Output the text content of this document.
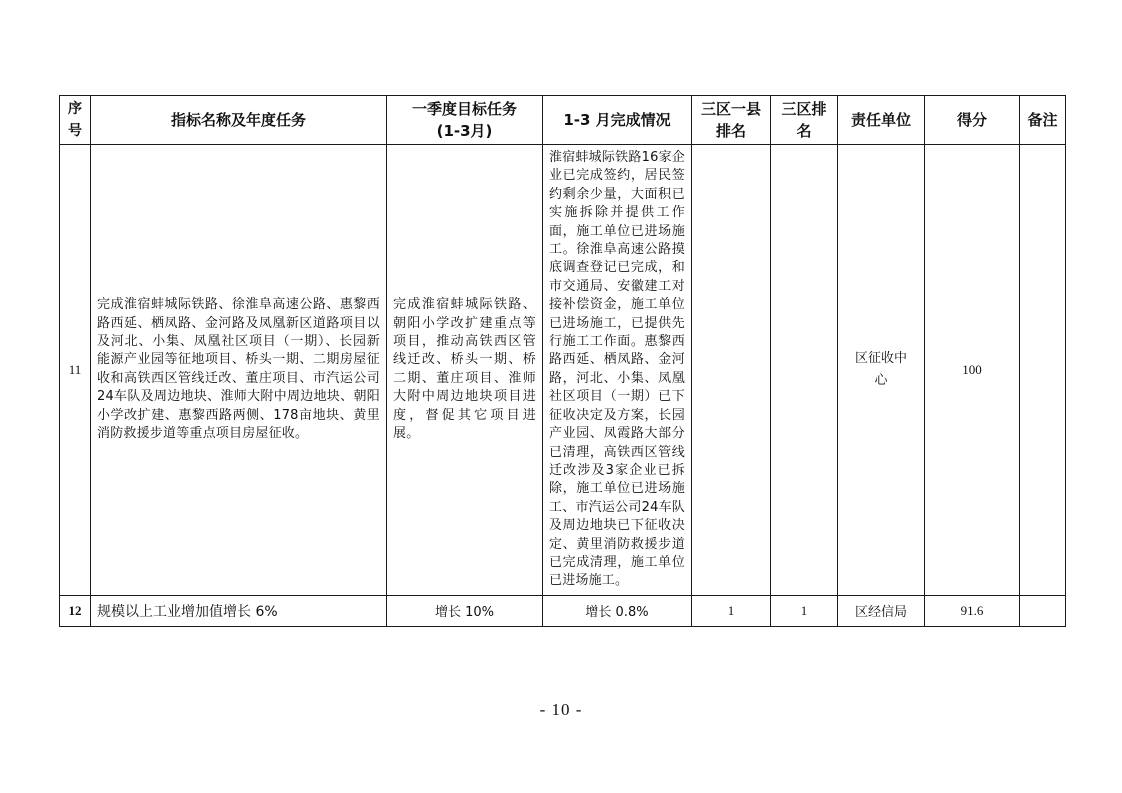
序号	指标名称及年度任务	一季度目标任务(1-3月)	1-3 月完成情况	三区一县排名	三区排名	责任单位	得分	备注
11	完成淮宿蚌城际铁路、徐淮阜高速公路、惠黎西路西延、栖凤路、金河路及凤凰新区道路项目以及河北、小集、凤凰社区项目（一期）、长园新能源产业园等征地项目、桥头一期、二期房屋征收和高铁西区管线迁改、董庄项目、市汽运公司24车队及周边地块、淮师大附中周边地块、朝阳小学改扩建、惠黎西路两侧、178亩地块、黄里消防救援步道等重点项目房屋征收。	完成淮宿蚌城际铁路、朝阳小学改扩建重点等项目，推动高铁西区管线迁改、桥头一期、桥二期、董庄项目、淮师大附中周边地块项目进度，督促其它项目进展。	淮宿蚌城际铁路16家企业已完成签约，居民签约剩余少量，大面积已实施拆除并提供工作面，施工单位已进场施工。徐淮阜高速公路摸底调查登记已完成，和市交通局、安徽建工对接补偿资金，施工单位已进场施工，已提供先行施工工作面。惠黎西路西延、栖凤路、金河路，河北、小集、凤凰社区项目（一期）已下征收决定及方案，长园产业园、凤霞路大部分已清理，高铁西区管线迁改涉及3家企业已拆除，施工单位已进场施工、市汽运公司24车队及周边地块已下征收决定、黄里消防救援步道已完成清理，施工单位已进场施工。			区征收中心	100	
12	规模以上工业增加值增长 6%	增长 10%	增长 0.8%	1	1	区经信局	91.6	
- 10 -
